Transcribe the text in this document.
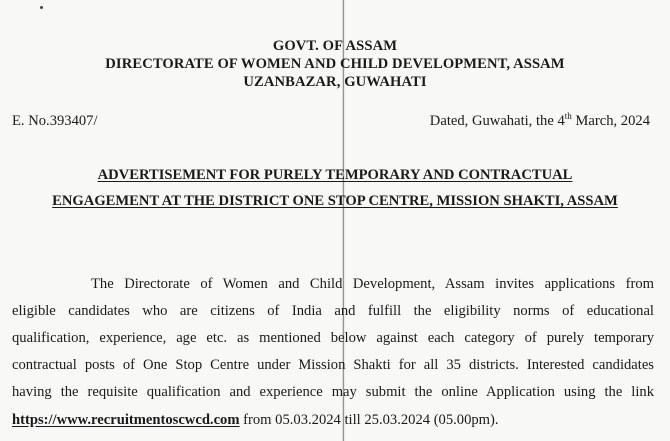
GOVT. OF ASSAM
DIRECTORATE OF WOMEN AND CHILD DEVELOPMENT, ASSAM
UZANBAZAR, GUWAHATI
E. No.393407/	Dated, Guwahati, the 4th March, 2024
ADVERTISEMENT FOR PURELY TEMPORARY AND CONTRACTUAL
ENGAGEMENT AT THE DISTRICT ONE STOP CENTRE, MISSION SHAKTI, ASSAM
The Directorate of Women and Child Development, Assam invites applications from
eligible candidates who are citizens of India and fulfill the eligibility norms of educational
qualification, experience, age etc. as mentioned below against each category of purely temporary
contractual posts of One Stop Centre under Mission Shakti for all 35 districts. Interested candidates
having the requisite qualification and experience may submit the online Application using the link
https://www.recruitmentoscwcd.com from 05.03.2024 till 25.03.2024 (05.00pm).
